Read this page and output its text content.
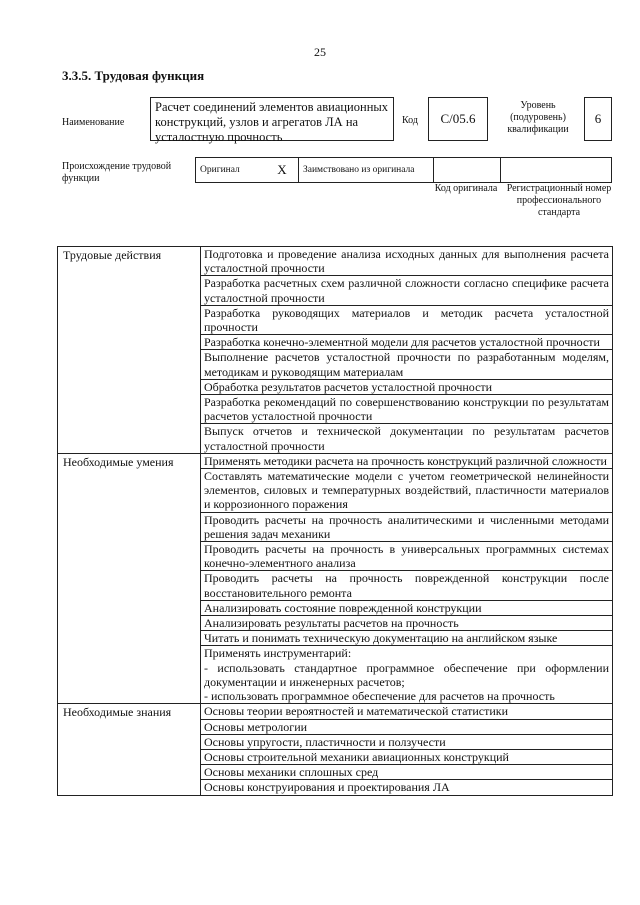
25
3.3.5. Трудовая функция
Наименование
Расчет соединений элементов авиационных конструкций, узлов и агрегатов ЛА на усталостную прочность
Код	C/05.6
Уровень (подуровень) квалификации
6
Происхождение трудовой функции
Оригинал	X	Заимствовано из оригинала		
Код оригинала Регистрационный номер профессионального стандарта
Трудовые действия	Подготовка и проведение анализа исходных данных для выполнения расчета усталостной прочности
	Разработка расчетных схем различной сложности согласно специфике расчета усталостной прочности
	Разработка руководящих материалов и методик расчета усталостной прочности
	Разработка конечно-элементной модели для расчетов усталостной прочности
	Выполнение расчетов усталостной прочности по разработанным моделям, методикам и руководящим материалам
	Обработка результатов расчетов усталостной прочности
	Разработка рекомендаций по совершенствованию конструкции по результатам расчетов усталостной прочности
	Выпуск отчетов и технической документации по результатам расчетов усталостной прочности
Необходимые умения	Применять методики расчета на прочность конструкций различной сложности
	Составлять математические модели с учетом геометрической нелинейности элементов, силовых и температурных воздействий, пластичности материалов и коррозионного поражения
	Проводить расчеты на прочность аналитическими и численными методами решения задач механики
	Проводить расчеты на прочность в универсальных программных системах конечно-элементного анализа
	Проводить расчеты на прочность поврежденной конструкции после восстановительного ремонта
	Анализировать состояние поврежденной конструкции
	Анализировать результаты расчетов на прочность
	Читать и понимать техническую документацию на английском языке

	Применять инструментарий:
- использовать стандартное программное обеспечение при оформлении документации и инженерных расчетов;
- использовать программное обеспечение для расчетов на прочность

Необходимые знания	Основы теории вероятностей и математической статистики
	Основы метрологии
	Основы упругости, пластичности и ползучести
	Основы строительной механики авиационных конструкций
	Основы механики сплошных сред
	Основы конструирования и проектирования ЛА
